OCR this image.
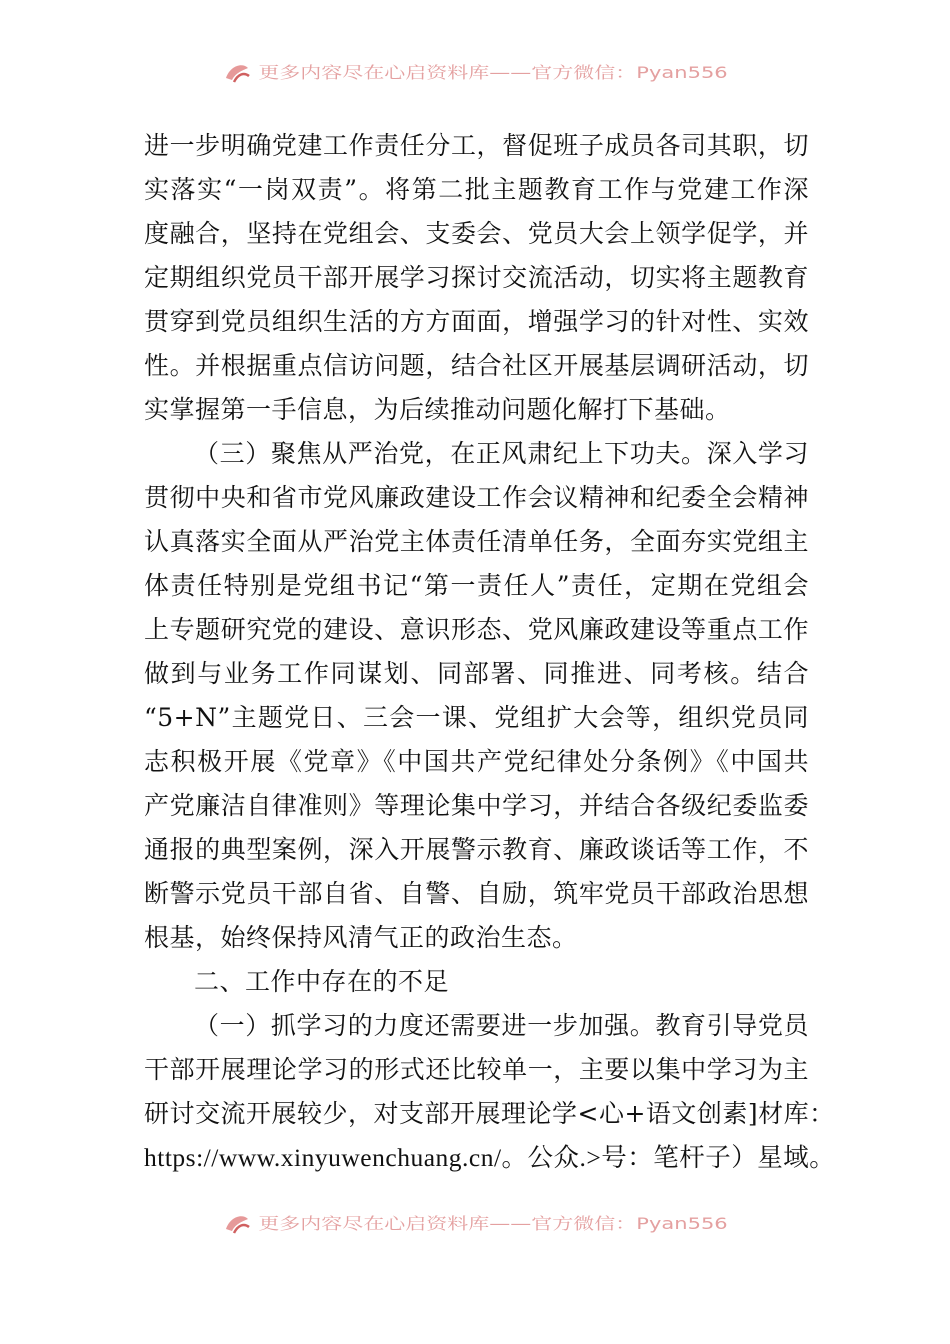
更多内容尽在心启资料库——官方微信：Pyan556
进一步明确党建工作责任分工，督促班子成员各司其职，切
实落实“一岗双责”。将第二批主题教育工作与党建工作深
度融合，坚持在党组会、支委会、党员大会上领学促学，并
定期组织党员干部开展学习探讨交流活动，切实将主题教育
贯穿到党员组织生活的方方面面，增强学习的针对性、实效
性。并根据重点信访问题，结合社区开展基层调研活动，切
实掌握第一手信息，为后续推动问题化解打下基础。
（三）聚焦从严治党，在正风肃纪上下功夫。深入学习
贯彻中央和省市党风廉政建设工作会议精神和纪委全会精神
认真落实全面从严治党主体责任清单任务，全面夯实党组主
体责任特别是党组书记“第一责任人”责任，定期在党组会
上专题研究党的建设、意识形态、党风廉政建设等重点工作
做到与业务工作同谋划、同部署、同推进、同考核。结合
“5+N”主题党日、三会一课、党组扩大会等，组织党员同
志积极开展《党章》《中国共产党纪律处分条例》《中国共
产党廉洁自律准则》等理论集中学习，并结合各级纪委监委
通报的典型案例，深入开展警示教育、廉政谈话等工作，不
断警示党员干部自省、自警、自励，筑牢党员干部政治思想
根基，始终保持风清气正的政治生态。
二、工作中存在的不足
（一）抓学习的力度还需要进一步加强。教育引导党员
干部开展理论学习的形式还比较单一，主要以集中学习为主
研讨交流开展较少，对支部开展理论学<心+语文创素]材库：
https://www.xinyuwenchuang.cn/。公众.>号：笔杆子）星域。
更多内容尽在心启资料库——官方微信：Pyan556
